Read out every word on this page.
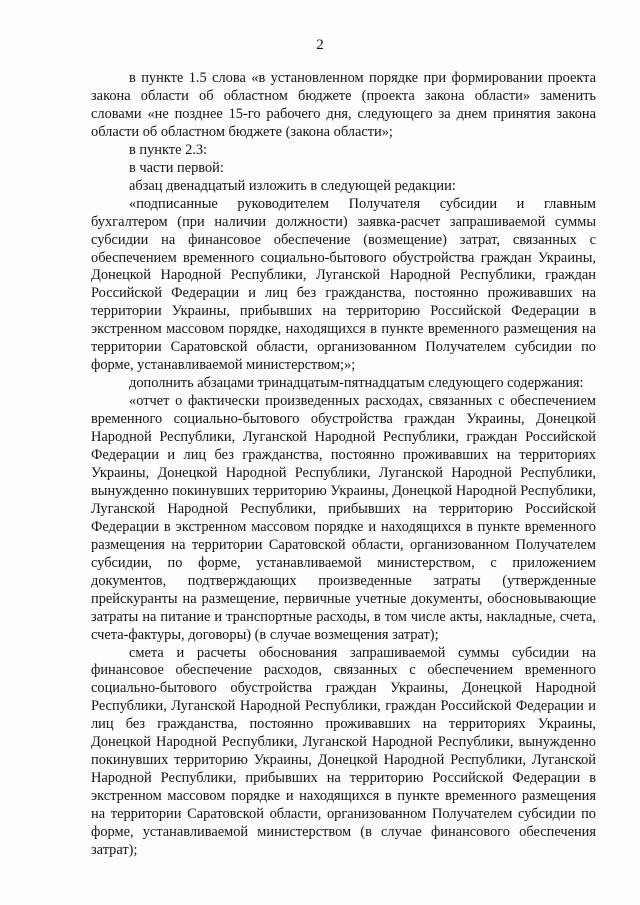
2

в пункте 1.5 слова «в установленном порядке при формировании проекта закона области об областном бюджете (проекта закона области» заменить словами «не позднее 15-го рабочего дня, следующего за днем принятия закона области об областном бюджете (закона области»;

в пункте 2.3:

в части первой:

абзац двенадцатый изложить в следующей редакции:

«подписанные руководителем Получателя субсидии и главным бухгалтером (при наличии должности) заявка-расчет запрашиваемой суммы субсидии на финансовое обеспечение (возмещение) затрат, связанных с обеспечением временного социально-бытового обустройства граждан Украины, Донецкой Народной Республики, Луганской Народной Республики, граждан Российской Федерации и лиц без гражданства, постоянно проживавших на территории Украины, прибывших на территорию Российской Федерации в экстренном массовом порядке, находящихся в пункте временного размещения на территории Саратовской области, организованном Получателем субсидии по форме, устанавливаемой министерством;»;

дополнить абзацами тринадцатым-пятнадцатым следующего содержания:

«отчет о фактически произведенных расходах, связанных с обеспечением временного социально-бытового обустройства граждан Украины, Донецкой Народной Республики, Луганской Народной Республики, граждан Российской Федерации и лиц без гражданства, постоянно проживавших на территориях Украины, Донецкой Народной Республики, Луганской Народной Республики, вынужденно покинувших территорию Украины, Донецкой Народной Республики, Луганской Народной Республики, прибывших на территорию Российской Федерации в экстренном массовом порядке и находящихся в пункте временного размещения на территории Саратовской области, организованном Получателем субсидии, по форме, устанавливаемой министерством, с приложением документов, подтверждающих произведенные затраты (утвержденные прейскуранты на размещение, первичные учетные документы, обосновывающие затраты на питание и транспортные расходы, в том числе акты, накладные, счета, счета-фактуры, договоры) (в случае возмещения затрат);

смета и расчеты обоснования запрашиваемой суммы субсидии на финансовое обеспечение расходов, связанных с обеспечением временного социально-бытового обустройства граждан Украины, Донецкой Народной Республики, Луганской Народной Республики, граждан Российской Федерации и лиц без гражданства, постоянно проживавших на территориях Украины, Донецкой Народной Республики, Луганской Народной Республики, вынужденно покинувших территорию Украины, Донецкой Народной Республики, Луганской Народной Республики, прибывших на территорию Российской Федерации в экстренном массовом порядке и находящихся в пункте временного размещения на территории Саратовской области, организованном Получателем субсидии по форме, устанавливаемой министерством (в случае финансового обеспечения затрат);
